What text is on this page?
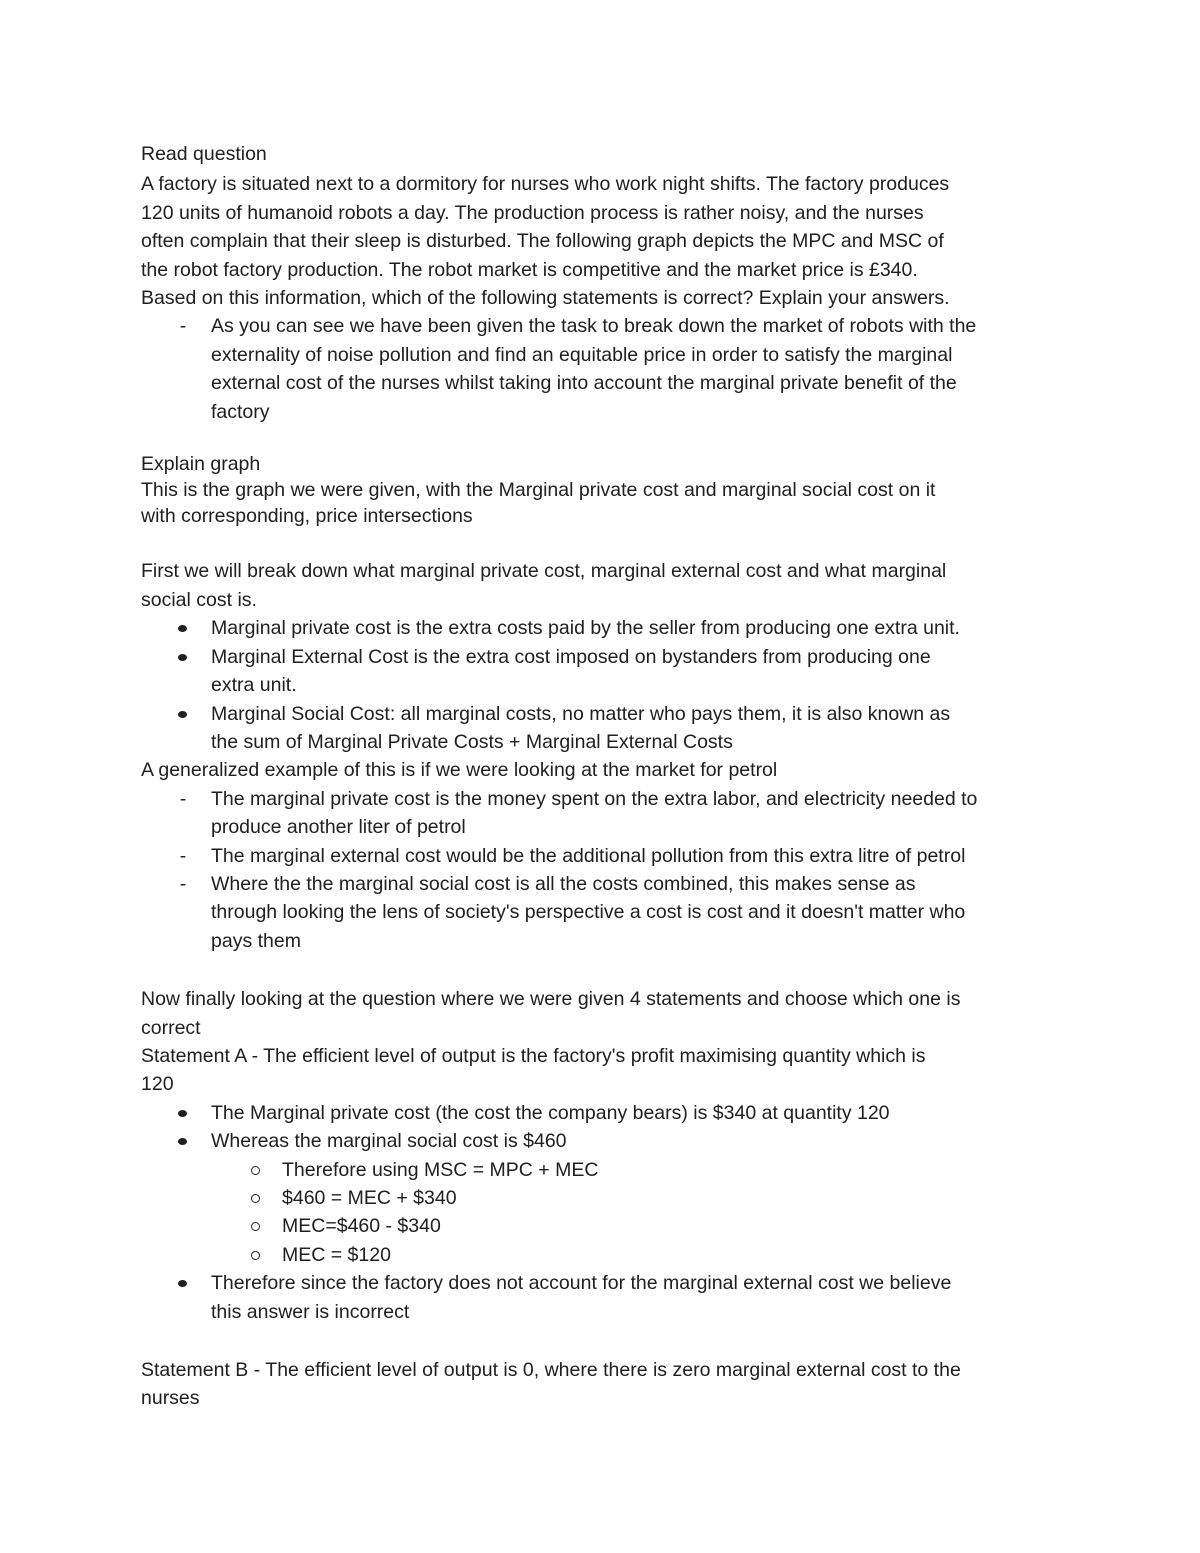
Read question

A factory is situated next to a dormitory for nurses who work night shifts. The factory produces

120 units of humanoid robots a day. The production process is rather noisy, and the nurses

often complain that their sleep is disturbed. The following graph depicts the MPC and MSC of

the robot factory production. The robot market is competitive and the market price is £340.

Based on this information, which of the following statements is correct? Explain your answers.

-	As you can see we have been given the task to break down the market of robots with the

externality of noise pollution and find an equitable price in order to satisfy the marginal

external cost of the nurses whilst taking into account the marginal private benefit of the

factory

Explain graph

This is the graph we were given, with the Marginal private cost and marginal social cost on it

with corresponding, price intersections

First we will break down what marginal private cost, marginal external cost and what marginal

social cost is.

Marginal private cost is the extra costs paid by the seller from producing one extra unit.

Marginal External Cost is the extra cost imposed on bystanders from producing one

extra unit.

Marginal Social Cost: all marginal costs, no matter who pays them, it is also known as

the sum of Marginal Private Costs + Marginal External Costs

A generalized example of this is if we were looking at the market for petrol

-	The marginal private cost is the money spent on the extra labor, and electricity needed to

produce another liter of petrol

-	The marginal external cost would be the additional pollution from this extra litre of petrol

-	Where the the marginal social cost is all the costs combined, this makes sense as

through looking the lens of society's perspective a cost is cost and it doesn't matter who

pays them

Now finally looking at the question where we were given 4 statements and choose which one is

correct

Statement A - The efficient level of output is the factory's profit maximising quantity which is

120

The Marginal private cost (the cost the company bears) is $340 at quantity 120

Whereas the marginal social cost is $460

Therefore using MSC = MPC + MEC

$460 = MEC + $340

MEC=$460 - $340

MEC = $120

Therefore since the factory does not account for the marginal external cost we believe

this answer is incorrect

Statement B - The efficient level of output is 0, where there is zero marginal external cost to the

nurses
